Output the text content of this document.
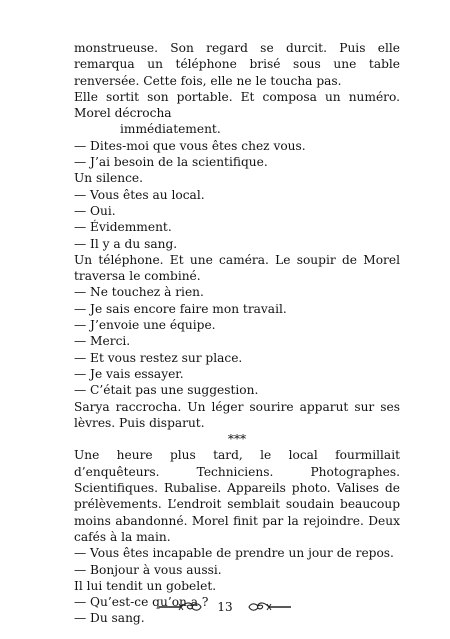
monstrueuse. Son regard se durcit. Puis elle remarqua un téléphone brisé sous une table renversée. Cette fois, elle ne le toucha pas.

Elle sortit son portable. Et composa un numéro. Morel décrocha
immédiatement.

— Dites-moi que vous êtes chez vous.

— J’ai besoin de la scientifique.

Un silence.

— Vous êtes au local.

— Oui.

— Évidemment.

— Il y a du sang.

Un téléphone. Et une caméra. Le soupir de Morel traversa le combiné.

— Ne touchez à rien.

— Je sais encore faire mon travail.

— J’envoie une équipe.

— Merci.

— Et vous restez sur place.

— Je vais essayer.

— C’était pas une suggestion.

Sarya raccrocha. Un léger sourire apparut sur ses lèvres. Puis disparut.

***

Une heure plus tard, le local fourmillait d’enquêteurs. Techniciens. Photographes. Scientifiques. Rubalise. Appareils photo. Valises de prélèvements. L’endroit semblait soudain beaucoup moins abandonné. Morel finit par la rejoindre. Deux cafés à la main.

— Vous êtes incapable de prendre un jour de repos.

— Bonjour à vous aussi.

Il lui tendit un gobelet.

— Qu’est-ce qu’on a ?

— Du sang.

13
